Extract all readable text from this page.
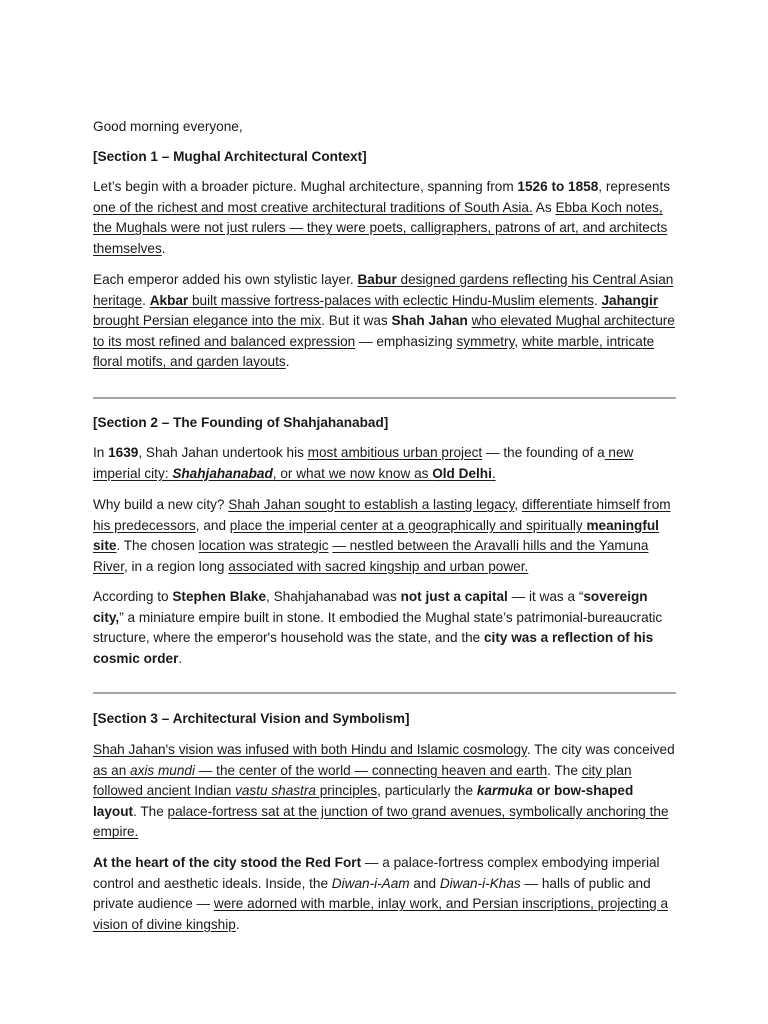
Good morning everyone,

[Section 1 – Mughal Architectural Context]

Let’s begin with a broader picture. Mughal architecture, spanning from 1526 to 1858, represents one of the richest and most creative architectural traditions of South Asia. As Ebba Koch notes, the Mughals were not just rulers — they were poets, calligraphers, patrons of art, and architects themselves.

Each emperor added his own stylistic layer. Babur designed gardens reflecting his Central Asian heritage. Akbar built massive fortress-palaces with eclectic Hindu-Muslim elements. Jahangir brought Persian elegance into the mix. But it was Shah Jahan who elevated Mughal architecture to its most refined and balanced expression — emphasizing symmetry, white marble, intricate floral motifs, and garden layouts.

[Section 2 – The Founding of Shahjahanabad]

In 1639, Shah Jahan undertook his most ambitious urban project — the founding of a new imperial city: Shahjahanabad, or what we now know as Old Delhi.

Why build a new city? Shah Jahan sought to establish a lasting legacy, differentiate himself from his predecessors, and place the imperial center at a geographically and spiritually meaningful site. The chosen location was strategic — nestled between the Aravalli hills and the Yamuna River, in a region long associated with sacred kingship and urban power.

According to Stephen Blake, Shahjahanabad was not just a capital — it was a “sovereign city,” a miniature empire built in stone. It embodied the Mughal state’s patrimonial-bureaucratic structure, where the emperor's household was the state, and the city was a reflection of his cosmic order.

[Section 3 – Architectural Vision and Symbolism]

Shah Jahan's vision was infused with both Hindu and Islamic cosmology. The city was conceived as an axis mundi — the center of the world — connecting heaven and earth. The city plan followed ancient Indian vastu shastra principles, particularly the karmuka or bow-shaped layout. The palace-fortress sat at the junction of two grand avenues, symbolically anchoring the empire.

At the heart of the city stood the Red Fort — a palace-fortress complex embodying imperial control and aesthetic ideals. Inside, the Diwan-i-Aam and Diwan-i-Khas — halls of public and private audience — were adorned with marble, inlay work, and Persian inscriptions, projecting a vision of divine kingship.
